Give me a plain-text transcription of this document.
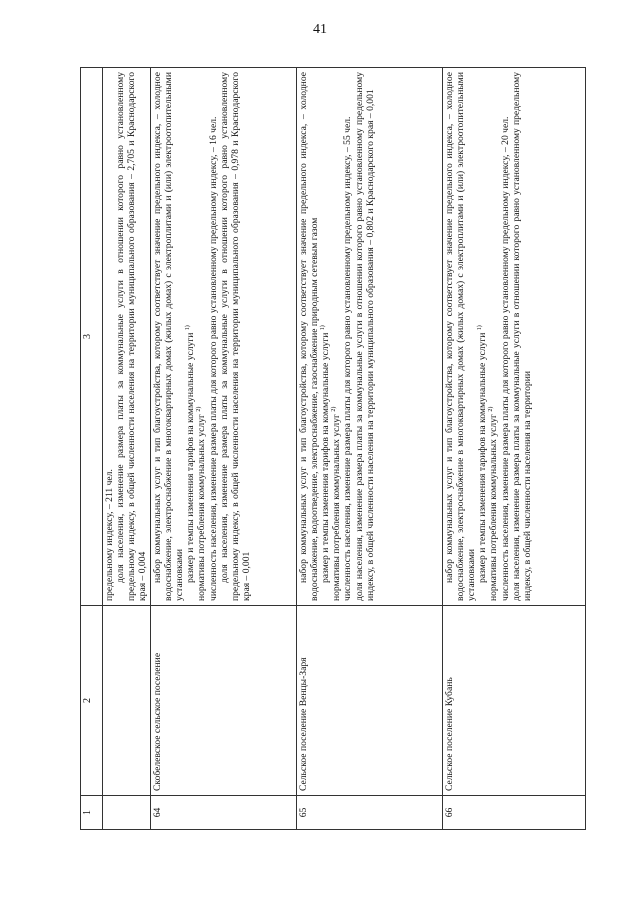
41
1	2	3

		предельному индексу, – 211 чел. доля населения, изменение размера платы за коммунальные услуги в отношении которого равно установленному предельному индексу, в общей численности населения на территории муниципального образования – 2,705 и Краснодарского края – 0,004

64	Скобелевское сельское поселение	набор коммунальных услуг и тип благоустройства, которому соответствует значение предельного индекса, – холодное водоснабжение, электроснабжение в многоквартирных домах (жилых домах) с электроплитами и (или) электроотопительными установками размер и темпы изменения тарифов на коммунальные услуги $^{1)}$
нормативы потребления коммунальных услуг $^{2)}$ численность населения, изменение размера платы для которого равно установленному предельному индексу, – 16 чел. доля населения, изменение размера платы за коммунальные услуги в отношении которого равно установленному предельному индексу, в общей численности населения на территории муниципального образования – 0,978 и Краснодарского края – 0,001

65	Сельское поселение Венцы-Заря	набор коммунальных услуг и тип благоустройства, которому соответствует значение предельного индекса, – холодное водоснабжение, водоотведение, электроснабжение, газоснабжение природным сетевым газом размер и темпы изменения тарифов на коммунальные услуги $^{1)}$
нормативы потребления коммунальных услуг $^{2)}$ численность населения, изменение размера платы для которого равно установленному предельному индексу, – 55 чел. доля населения, изменение размера платы за коммунальные услуги в отношении которого равно установленному предельному индексу, в общей численности населения на территории муниципального образования – 0,802 и Краснодарского края – 0,001

66	Сельское поселение Кубань	набор коммунальных услуг и тип благоустройства, которому соответствует значение предельного индекса, – холодное водоснабжение, электроснабжение в многоквартирных домах (жилых домах) с электроплитами и (или) электроотопительными установками размер и темпы изменения тарифов на коммунальные услуги $^{1)}$
нормативы потребления коммунальных услуг $^{2)}$ численность населения, изменение размера платы для которого равно установленному предельному индексу, – 20 чел. доля населения, изменение размера платы за коммунальные услуги в отношении которого равно установленному предельному индексу, в общей численности населения на территории
